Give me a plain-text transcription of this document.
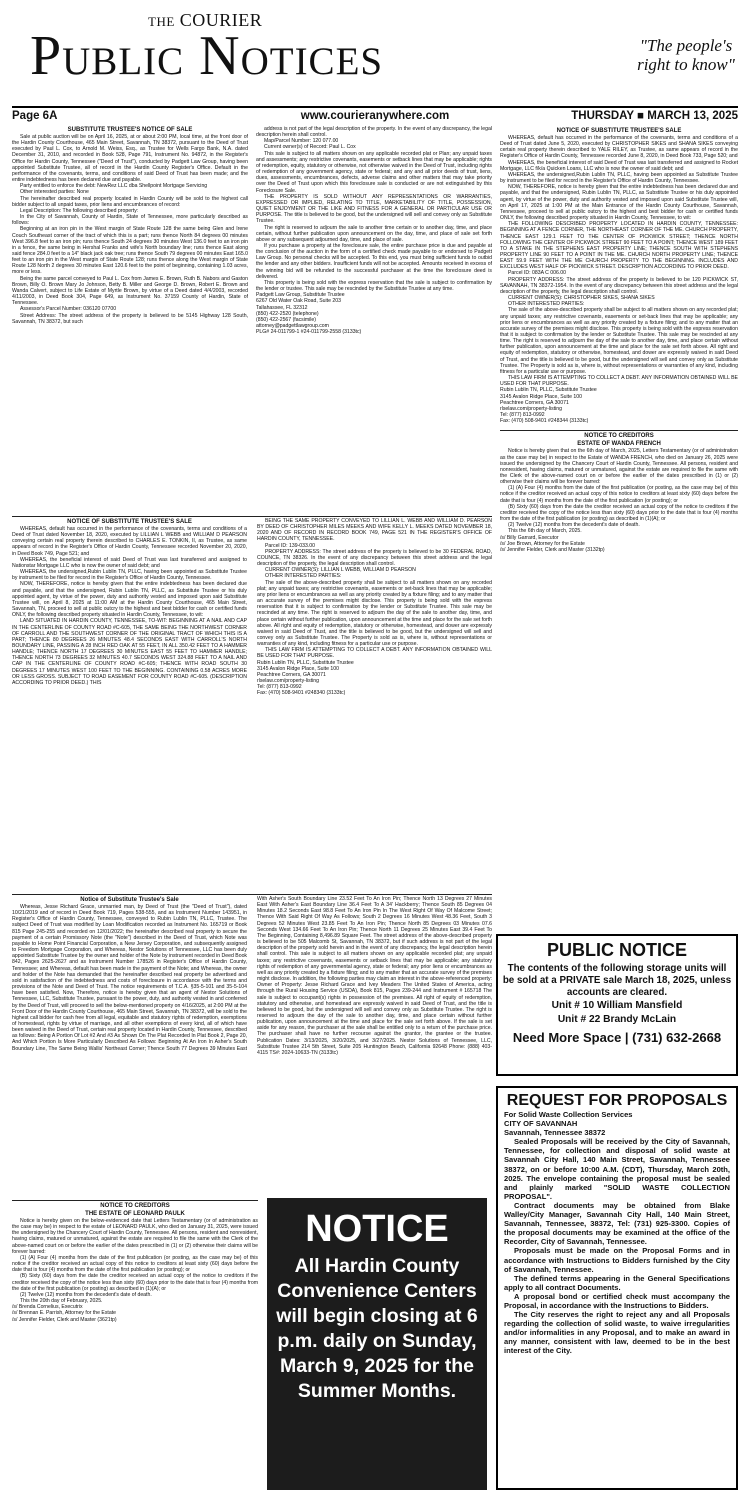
the COURIER
Public Notices	"The people's right to know"
Page 6A	www.courieranywhere.com	THURSDAY ■ MARCH 13, 2025
SUBSTITUTE TRUSTEE'S NOTICE OF SALE

Sale at public auction will be on April 16, 2025, at or about 2:00 PM, local time, at the front door of the Hardin County Courthouse, 465 Main Street, Savannah, TN 38372, pursuant to the Deed of Trust executed by Paul L. Cox, to Arnold M. Weiss, Esq., as Trustee for Wells Fargo Bank, N.A. dated December 31, 2010, and recorded in Book 528, Page 791, Instrument No. 94872, in the Register's Office for Hardin County, Tennessee ("Deed of Trust"), conducted by Padgett Law Group, having been appointed Substitute Trustee, all of record in the Hardin County Register's Office. Default in the performance of the covenants, terms, and conditions of said Deed of Trust has been made; and the entire indebtedness has been declared due and payable.

Party entitled to enforce the debt: NewRez LLC dba Shellpoint Mortgage Servicing

Other interested parties: None

The hereinafter described real property located in Hardin County will be sold to the highest call bidder subject to all unpaid taxes, prior liens and encumbrances of record:

Legal Description: The following described property:

In the City of Savannah, County of Hardin, State of Tennessee, more particularly described as follows:

Beginning at an iron pin in the West margin of State Route 128 the same being Glen and Irene Couch Southeast corner of the tract of which this is a part; runs thence North 84 degrees 00 minutes West 396.8 feet to an iron pin; runs thence South 24 degrees 30 minutes West 136.0 feet to an iron pin in a fence, the same being in Hershal Franks and wife's North boundary line; runs thence East along said fence 284.0 feet to a 14" black jack oak tree; runs thence South 79 degrees 00 minutes East 165.0 feet to an iron pin in the West margin of State Route 128; runs thence along the West margin of State Route 128 North 2 degrees 30 minutes East 120.6 feet to the point of beginning, containing 1.03 acres, more or less.

Being the same parcel conveyed to Paul L. Cox from James E. Brown, Ruth B. Nabors and Gaston Brown, Billy O. Brown Mary Jo Johnson, Betty B. Miller and George D. Brown, Robert E. Brown and Wanda Calvert, subject to Life Estate of Myrtle Brown, by virtue of a Deed dated 4/4/2003, recorded 4/11/2003, in Deed Book 304, Page 649, as Instrument No. 37159 County of Hardin, State of Tennessee.

Assessor's Parcel Number: 036120 07700

Street Address: The street address of the property is believed to be 5145 Highway 128 South, Savannah, TN 38372, but such

address is not part of the legal description of the property. In the event of any discrepancy, the legal description herein shall control.

Map/Parcel Number: 120 077.00

Current owner(s) of Record: Paul L. Cox

This sale is subject to all matters shown on any applicable recorded plat or Plan; any unpaid taxes and assessments; any restrictive covenants, easements or setback lines that may be applicable; rights of redemption, equity, statutory or otherwise, not otherwise waived in the Deed of Trust, including rights of redemption of any government agency, state or federal; and any and all prior deeds of trust, liens, dues, assessments, encumbrances, defects, adverse claims and other matters that may take priority over the Deed of Trust upon which this foreclosure sale is conducted or are not extinguished by this Foreclosure Sale.

THE PROPERTY IS SOLD WITHOUT ANY REPRESENTATIONS OR WARRANTIES, EXPRESSED OR IMPLIED, RELATING TO TITLE, MARKETABILITY OF TITLE, POSSESSION, QUIET ENJOYMENT OR THE LIKE AND FITNESS FOR A GENERAL OR PARTICULAR USE OR PURPOSE. The title is believed to be good, but the undersigned will sell and convey only as Substitute Trustee.

The right is reserved to adjourn the sale to another time certain or to another day, time, and place certain, without further publication upon announcement on the day, time, and place of sale set forth above or any subsequent adjourned day, time, and place of sale.

If you purchase a property at the foreclosure sale, the entire purchase price is due and payable at the conclusion of the auction in the form of a certified check made payable to or endorsed to Padgett Law Group. No personal checks will be accepted. To this end, you must bring sufficient funds to outbid the lender and any other bidders. Insufficient funds will not be accepted. Amounts received in excess of the winning bid will be refunded to the successful purchaser at the time the foreclosure deed is delivered.

This property is being sold with the express reservation that the sale is subject to confirmation by the lender or trustee. This sale may be rescinded by the Substitute Trustee at any time.

Padgett Law Group, Substitute Trustee

6267 Old Water Oak Road, Suite 203

Tallahassee, FL 32312

(850) 422-2520 (telephone)

(850) 422-2567 (facsimile)

attorney@padgettlawgroup.com

PLG# 24-011799-1 #24-011799-2558 (3133tc)

NOTICE OF SUBSTITUTE TRUSTEE'S SALE

WHEREAS, default has occurred in the performance of the covenants, terms and conditions of a Deed of Trust dated June 5, 2020, executed by CHRISTOPHER SIKES and SHANA SIKES conveying certain real property therein described to YALE RILEY, as Trustee, as same appears of record in the Register's Office of Hardin County, Tennessee recorded June 8, 2020, in Deed Book 733, Page 520; and

WHEREAS, the beneficial interest of said Deed of Trust was last transferred and assigned to Rocket Mortgage, LLC f/k/a Quicken Loans, LLC who is now the owner of said debt; and

WHEREAS, the undersigned,Rubin Lublin TN, PLLC, having been appointed as Substitute Trustee by instrument to be filed for record in the Register's Office of Hardin County, Tennessee.

NOW, THEREFORE, notice is hereby given that the entire indebtedness has been declared due and payable, and that the undersigned, Rubin Lublin TN, PLLC, as Substitute Trustee or his duly appointed agent, by virtue of the power, duty and authority vested and imposed upon said Substitute Trustee will, on April 17, 2025 at 1:00 PM at the Main Entrance of the Hardin County Courthouse, Savannah, Tennessee, proceed to sell at public outcry to the highest and best bidder for cash or certified funds ONLY, the following described property situated in Hardin County, Tennessee, to wit:

THE FOLLOWING DESCRIBED PROPERTY LOCATED IN HARDIN COUNTY, TENNESSEE: BEGINNING AT A FENCE CORNER, THE NORTHEAST CORNER OF THE ME. CHURCH PROPERTY, THENCE EAST 129.1 FEET TO THE CENTER OF PICKWICK STREET; THENCE NORTH FOLLOWING THE CENTER OF PICKWICK STREET 90 FEET TO A POINT; THENCE WEST 189 FEET TO A STAKE IN THE STEPHENS EAST PROPERTY LINE; THENCE SOUTH WITH STEPHENS PROPERTY LINE 90 FEET TO A POINT IN THE ME. CHURCH NORTH PROPERTY LINE; THENCE EAST 59.9 FEET WITH THE ME CHURCH PROPERTY TO THE BEGINNING. INCLUDES AND EXCLUDES WEST HALF OF PICKWICK STREET. DESCRIPTION ACCORDING TO PRIOR DEED.

Parcel ID: 083A C 006.00

PROPERTY ADDRESS: The street address of the property is believed to be 120 PICKWICK ST, SAVANNAH, TN 38372-1954. In the event of any discrepancy between this street address and the legal description of the property, the legal description shall control.

CURRENT OWNER(S): CHRISTOPHER SIKES, SHANA SIKES

OTHER INTERESTED PARTIES:

The sale of the above-described property shall be subject to all matters shown on any recorded plat; any unpaid taxes; any restrictive covenants, easements or set-back lines that may be applicable; any prior liens or encumbrances as well as any priority created by a fixture filing; and to any matter that an accurate survey of the premises might disclose. This property is being sold with the express reservation that it is subject to confirmation by the lender or Substitute Trustee. This sale may be rescinded at any time. The right is reserved to adjourn the day of the sale to another day, time, and place certain without further publication, upon announcement at the time and place for the sale set forth above. All right and equity of redemption, statutory or otherwise, homestead, and dower are expressly waived in said Deed of Trust, and the title is believed to be good, but the undersigned will sell and convey only as Substitute Trustee. The Property is sold as is, where is, without representations or warranties of any kind, including fitness for a particular use or purpose.

THIS LAW FIRM IS ATTEMPTING TO COLLECT A DEBT. ANY INFORMATION OBTAINED WILL BE USED FOR THAT PURPOSE.

Rubin Lublin TN, PLLC, Substitute Trustee

3145 Avalon Ridge Place, Suite 100

Peachtree Corners, GA 30071

rlselaw.com/property-listing

Tel: (877) 813-0992

Fax: (470) 508-9401 #248344 (3133tc)

NOTICE TO CREDITORS
ESTATE OF WANDA FRENCH

Notice is hereby given that on the 6th day of March, 2025, Letters Testamentary (or of administration as the case may be) in respect to the Estate of WANDA FRENCH, who died on January 26, 2025 were issued the undersigned by the Chancery Court of Hardin County, Tennessee. All persons, resident and nonresident, having claims, matured or unmatured, against the estate are required to file the same with the Clerk of the above-named court on or before the earlier of the dates prescribed in (1) or (2) otherwise their claims will be forever barred:

(1) (A) Four (4) months from the date of the first publication (or posting, as the case may be) of this notice if the creditor received an actual copy of this notice to creditors at least sixty (60) days before the date that is four (4) months from the date of the first publication (or posting); or

(B) Sixty (60) days from the date the creditor received an actual copy of the notice to creditors if the creditor received the copy of the notice less than sixty (60) days prior to the date that is four (4) months from the date of the first publication (or posting) as described in (1)(A); or

(2) Twelve (12) months from the decedent's date of death.

This the 6th day of March, 2025.

/s/ Billy Garrard, Executor

/s/ Joe Brown, Attorney for the Estate

/s/ Jennifer Fielder, Clerk and Master (3132tp)

NOTICE OF SUBSTITUTE TRUSTEE'S SALE

WHEREAS, default has occurred in the performance of the covenants, terms and conditions of a Deed of Trust dated November 18, 2020, executed by LILLIAN L WEBB and WILLIAM D PEARSON conveying certain real property therein described to CHARLES E. TONKIN, II, as Trustee, as same appears of record in the Register's Office of Hardin County, Tennessee recorded November 20, 2020, in Deed Book 749, Page 521; and

WHEREAS, the beneficial interest of said Deed of Trust was last transferred and assigned to Nationstar Mortgage LLC who is now the owner of said debt; and

WHEREAS, the undersigned,Rubin Lublin TN, PLLC, having been appointed as Substitute Trustee by instrument to be filed for record in the Register's Office of Hardin County, Tennessee.

NOW, THEREFORE, notice is hereby given that the entire indebtedness has been declared due and payable, and that the undersigned, Rubin Lublin TN, PLLC, as Substitute Trustee or his duly appointed agent, by virtue of the power, duty and authority vested and imposed upon said Substitute Trustee will, on April 8, 2025 at 11:00 AM at the Hardin County Courthouse, 465 Main Street, Savannah, TN, proceed to sell at public outcry to the highest and best bidder for cash or certified funds ONLY, the following described property situated in Hardin County, Tennessee, to wit:

LAND SITUATED IN HARDIN COUNTY, TENNESSEE, TO-WIT: BEGINNING AT A NAIL AND CAP IN THE CENTERLINE OF COUNTY ROAD #C-605, THE SAME BEING THE NORTHWEST CORNER OF CARROLL AND THE SOUTHWEST CORNER OF THE ORIGINAL TRACT OF WHICH THIS IS A PART; THENCE 80 DEGREES 26 MINUTES 48.4 SECONDS EAST WITH CARROLL'S NORTH BOUNDARY LINE, PASSING A 28 INCH RED OAK AT 55 FEET, IN ALL 350.42 FEET TO A HAMMER HANDLE; THENCE NORTH 17 DEGREES 30 MINUTES EAST 55 FEET TO HAMMER HANDLE; THENCE NORTH 73 DEGREES 32 MINUTES 40.7 SECONDS WEST 324.88 FEET TO A NAIL AND CAP IN THE CENTERLINE OF COUNTY ROAD #C-605; THENCE WITH ROAD SOUTH 30 DEGREES 17 MINUTES WEST 100 FEET TO THE BEGINNING. CONTAINING 0.58 ACRES MORE OR LESS GROSS. SUBJECT TO ROAD EASEMENT FOR COUNTY ROAD #C-605. (DESCRIPTION ACCORDING TO PRIOR DEED.) THIS

BEING THE SAME PROPERTY CONVEYED TO LILLIAN L. WEBB AND WILLIAM D. PEARSON BY DEED OF CHRISTOPHER MILES MEEKS AND WIFE KELLY L. MEEKS DATED NOVEMBER 18, 2020 AND OF RECORD IN RECORD BOOK 749, PAGE 521 IN THE REGISTER'S OFFICE OF HARDIN COUNTY, TENNESSEE.

Parcel ID: 139-033.00

PROPERTY ADDRESS: The street address of the property is believed to be 30 FEDERAL ROAD, COUNCE, TN 38326. In the event of any discrepancy between this street address and the legal description of the property, the legal description shall control.

CURRENT OWNER(S): LILLIAN L WEBB, WILLIAM D PEARSON

OTHER INTERESTED PARTIES:

The sale of the above-described property shall be subject to all matters shown on any recorded plat; any unpaid taxes; any restrictive covenants, easements or set-back lines that may be applicable; any prior liens or encumbrances as well as any priority created by a fixture filing; and to any matter that an accurate survey of the premises might disclose. This property is being sold with the express reservation that it is subject to confirmation by the lender or Substitute Trustee. This sale may be rescinded at any time. The right is reserved to adjourn the day of the sale to another day, time, and place certain without further publication, upon announcement at the time and place for the sale set forth above. All right and equity of redemption, statutory or otherwise, homestead, and dower are expressly waived in said Deed of Trust, and the title is believed to be good, but the undersigned will sell and convey only as Substitute Trustee. The Property is sold as is, where is, without representations or warranties of any kind, including fitness for a particular use or purpose.

THIS LAW FIRM IS ATTEMPTING TO COLLECT A DEBT. ANY INFORMATION OBTAINED WILL BE USED FOR THAT PURPOSE.

Rubin Lublin TN, PLLC, Substitute Trustee

3145 Avalon Ridge Place, Suite 100

Peachtree Corners, GA 30071

rlselaw.com/property-listing

Tel: (877) 813-0992

Fax: (470) 508-9401 #248340 (3133tc)

Notice of Substitute Trustee's Sale

Whereas, Jesse Richard Grace, unmarried man, by Deed of Trust (the "Deed of Trust"), dated 10/21/2019 and of record in Deed Book 719, Pages 538-555, and as Instrument Number 143951, in Register's Office of Hardin County, Tennessee, conveyed to Rubin Lublin TN, PLLC, Trustee. The subject Deed of Trust was modified by Loan Modification recorded as Instrument No. 165719 or Book 815 Page 245-255 and recorded on 12/01/2022; the hereinafter described real property to secure the payment of a certain Promissory Note (the "Note") described in the Deed of Trust, which Note was payable to Home Point Financial Corporation, a New Jersey Corporation, and subsequently assigned to Freedom Mortgage Corporation, and Whereas, Nestor Solutions of Tennessee, LLC has been duly appointed Substitute Trustee by the owner and holder of the Note by instrument recorded in Deed Book 842, Pages 2625-2627 and as Instrument Number 178526 in Register's Office of Hardin County, Tennessee; and Whereas, default has been made in the payment of the Note; and Whereas, the owner and holder of the Note has demanded that the hereinafter described real property be advertised and sold in satisfaction of the indebtedness and costs of foreclosure in accordance with the terms and provisions of the Note and Deed of Trust. The notice requirements of T.C.A. §35-5-101 and 35-5-104 have been satisfied. Now, Therefore, notice is hereby given that an agent of Nestor Solutions of Tennessee, LLC, Substitute Trustee, pursuant to the power, duty, and authority vested in and conferred by the Deed of Trust, will proceed to sell the below-mentioned property on 4/16/2025, at 2:00 PM at the Front Door of the Hardin County Courthouse, 465 Main Street, Savannah, TN 38372, will be sold to the highest call bidder for cash free from all legal, equitable and statutory rights of redemption, exemptions of homestead, rights by virtue of marriage, and all other exemptions of every kind, all of which have been waived in the Deed of Trust, certain real property located in Hardin County, Tennessee, described as follows: Being A Portion Of Lot #2 And #3 As Shown On The Plat Recorded In Plat Book 2, Page 20, And Which Portion Is More Particularly Described As Follows: Beginning At An Iron In Asher's South Boundary Line, The Same Being Wallis' Northeast Corner; Thence South 77 Degrees 39 Minutes East With Asher's South Boundary Line 23.52 Feet To An Iron Pin; Thence North 13 Degrees 27 Minutes East With Asher's East Boundary Line 36.4 Feet To A 34' Hackberry; Thence South 85 Degrees 04 Minutes 18.2 Seconds East 98.8 Feet To An Iron Pin In The West Right Of Way Of Malcome Street; Thence With Said Right Of Way As Follows; South 2 Degrees 16 Minutes West 48.36 Feet, South 3 Degrees 52 Minutes West 23.85 Feet To An Iron Pin; Thence North 85 Degrees 03 Minutes 07.6 Seconds West 134.66 Feet To An Iron Pin; Thence North 11 Degrees 25 Minutes East 39.4 Feet To The Beginning, Containing 8,496.89 Square Feet. The street address of the above-described property is believed to be 505 Malcomb St, Savannah, TN 38372, but if such address is not part of the legal description of the property sold herein and in the event of any discrepancy, the legal description herein shall control. This sale is subject to all matters shown on any applicable recorded plat; any unpaid taxes; any restrictive covenants, easements or setback lines that may be applicable; any statutory rights of redemption of any governmental agency, state or federal; any prior liens or encumbrances as well as any priority created by a fixture filing; and to any matter that an accurate survey of the premises might disclose. In addition, the following parties may claim an interest in the above-referenced property: Owner of Property: Jesse Richard Grace and Ivey Meaders The United States of America, acting through the Rural Housing Service (USDA), Book 815, Pages 239-244 and Instrument # 165718 The sale is subject to occupant(s) rights in possession of the premises. All right of equity of redemption, statutory and otherwise, and homestead are expressly waived in said Deed of Trust, and the title is believed to be good, but the undersigned will sell and convey only as Substitute Trustee. The right is reserved to adjourn the day of the sale to another day, time, and place certain without further publication, upon announcement at the time and place for the sale set forth above. If the sale is set aside for any reason, the purchaser at the sale shall be entitled only to a return of the purchase price. The purchaser shall have no further recourse against the grantor, the grantee or the trustee. Publication Dates: 3/13/2025, 3/20/2025, and 3/27/2025. Nestor Solutions of Tennessee, LLC, Substitute Trustee 214 5th Street, Suite 205 Huntington Beach, California 92648 Phone: (888) 403-4115 TS#: 2024-10633-TN (3133tc)

NOTICE TO CREDITORS
THE ESTATE OF LEONARD PAULK

Notice is hereby given on the below-evidenced date that Letters Testamentary (or of administration as the case may be) in respect to the estate of LEONARD PAULK, who died on January 31, 2025, were issued the undersigned by the Chancery Court of Hardin County, Tennessee. All persons, resident and nonresident, having claims, matured or unmatured, against the estate are required to file the same with the Clerk of the above-named court on or before the earlier of the dates prescribed in (1) or (2) otherwise their claims will be forever barred:

(1) (A) Four (4) months from the date of the first publication (or posting, as the case may be) of this notice if the creditor received an actual copy of this notice to creditors at least sixty (60) days before the date that is four (4) months from the date of the first publication (or posting); or

(B) Sixty (60) days from the date the creditor received an actual copy of the notice to creditors if the creditor received the copy of the notice less than sixty (60) days prior to the date that is four (4) months from the date of the first publication (or posting) as described in (1)(A); or

(2) Twelve (12) months from the decedent's date of death.

This the 20th day of February, 2025.

/s/ Brenda Cornelius, Executrix

/s/ Brennan E. Parrish, Attorney for the Estate

/s/ Jennifer Fielder, Clerk and Master (3621tp)

NOTICE
All Hardin County Convenience Centers will begin closing at 6 p.m. daily on Sunday, March 9, 2025 for the Summer Months.
PUBLIC NOTICE
The contents of the following storage units will be sold at a PRIVATE sale March 18, 2025, unless accounts are cleared.
Unit # 10 William Mansfield
Unit # 22 Brandy McLain
Need More Space | (731) 632-2668
REQUEST FOR PROPOSALS

For Solid Waste Collection Services

CITY OF SAVANNAH

Savannah, Tennessee 38372

Sealed Proposals will be received by the City of Savannah, Tennessee, for collection and disposal of solid waste at Savannah City Hall, 140 Main Street, Savannah, Tennessee 38372, on or before 10:00 A.M. (CDT), Thursday, March 20th, 2025. The envelope containing the proposal must be sealed and plainly marked "SOLID WASTE COLLECTION PROPOSAL".

Contract documents may be obtained from Blake Walley/City Manager, Savannah City Hall, 140 Main Street, Savannah, Tennessee, 38372, Tel: (731) 925-3300. Copies of the proposal documents may be examined at the office of the Recorder, City of Savannah, Tennessee.

Proposals must be made on the Proposal Forms and in accordance with Instructions to Bidders furnished by the City of Savannah, Tennessee.

The defined terms appearing in the General Specifications apply to all contract Documents.

A proposal bond or certified check must accompany the Proposal, in accordance with the Instructions to Bidders.

The City reserves the right to reject any and all Proposals regarding the collection of solid waste, to waive irregularities and/or informalities in any Proposal, and to make an award in any manner, consistent with law, deemed to be in the best interest of the City.
